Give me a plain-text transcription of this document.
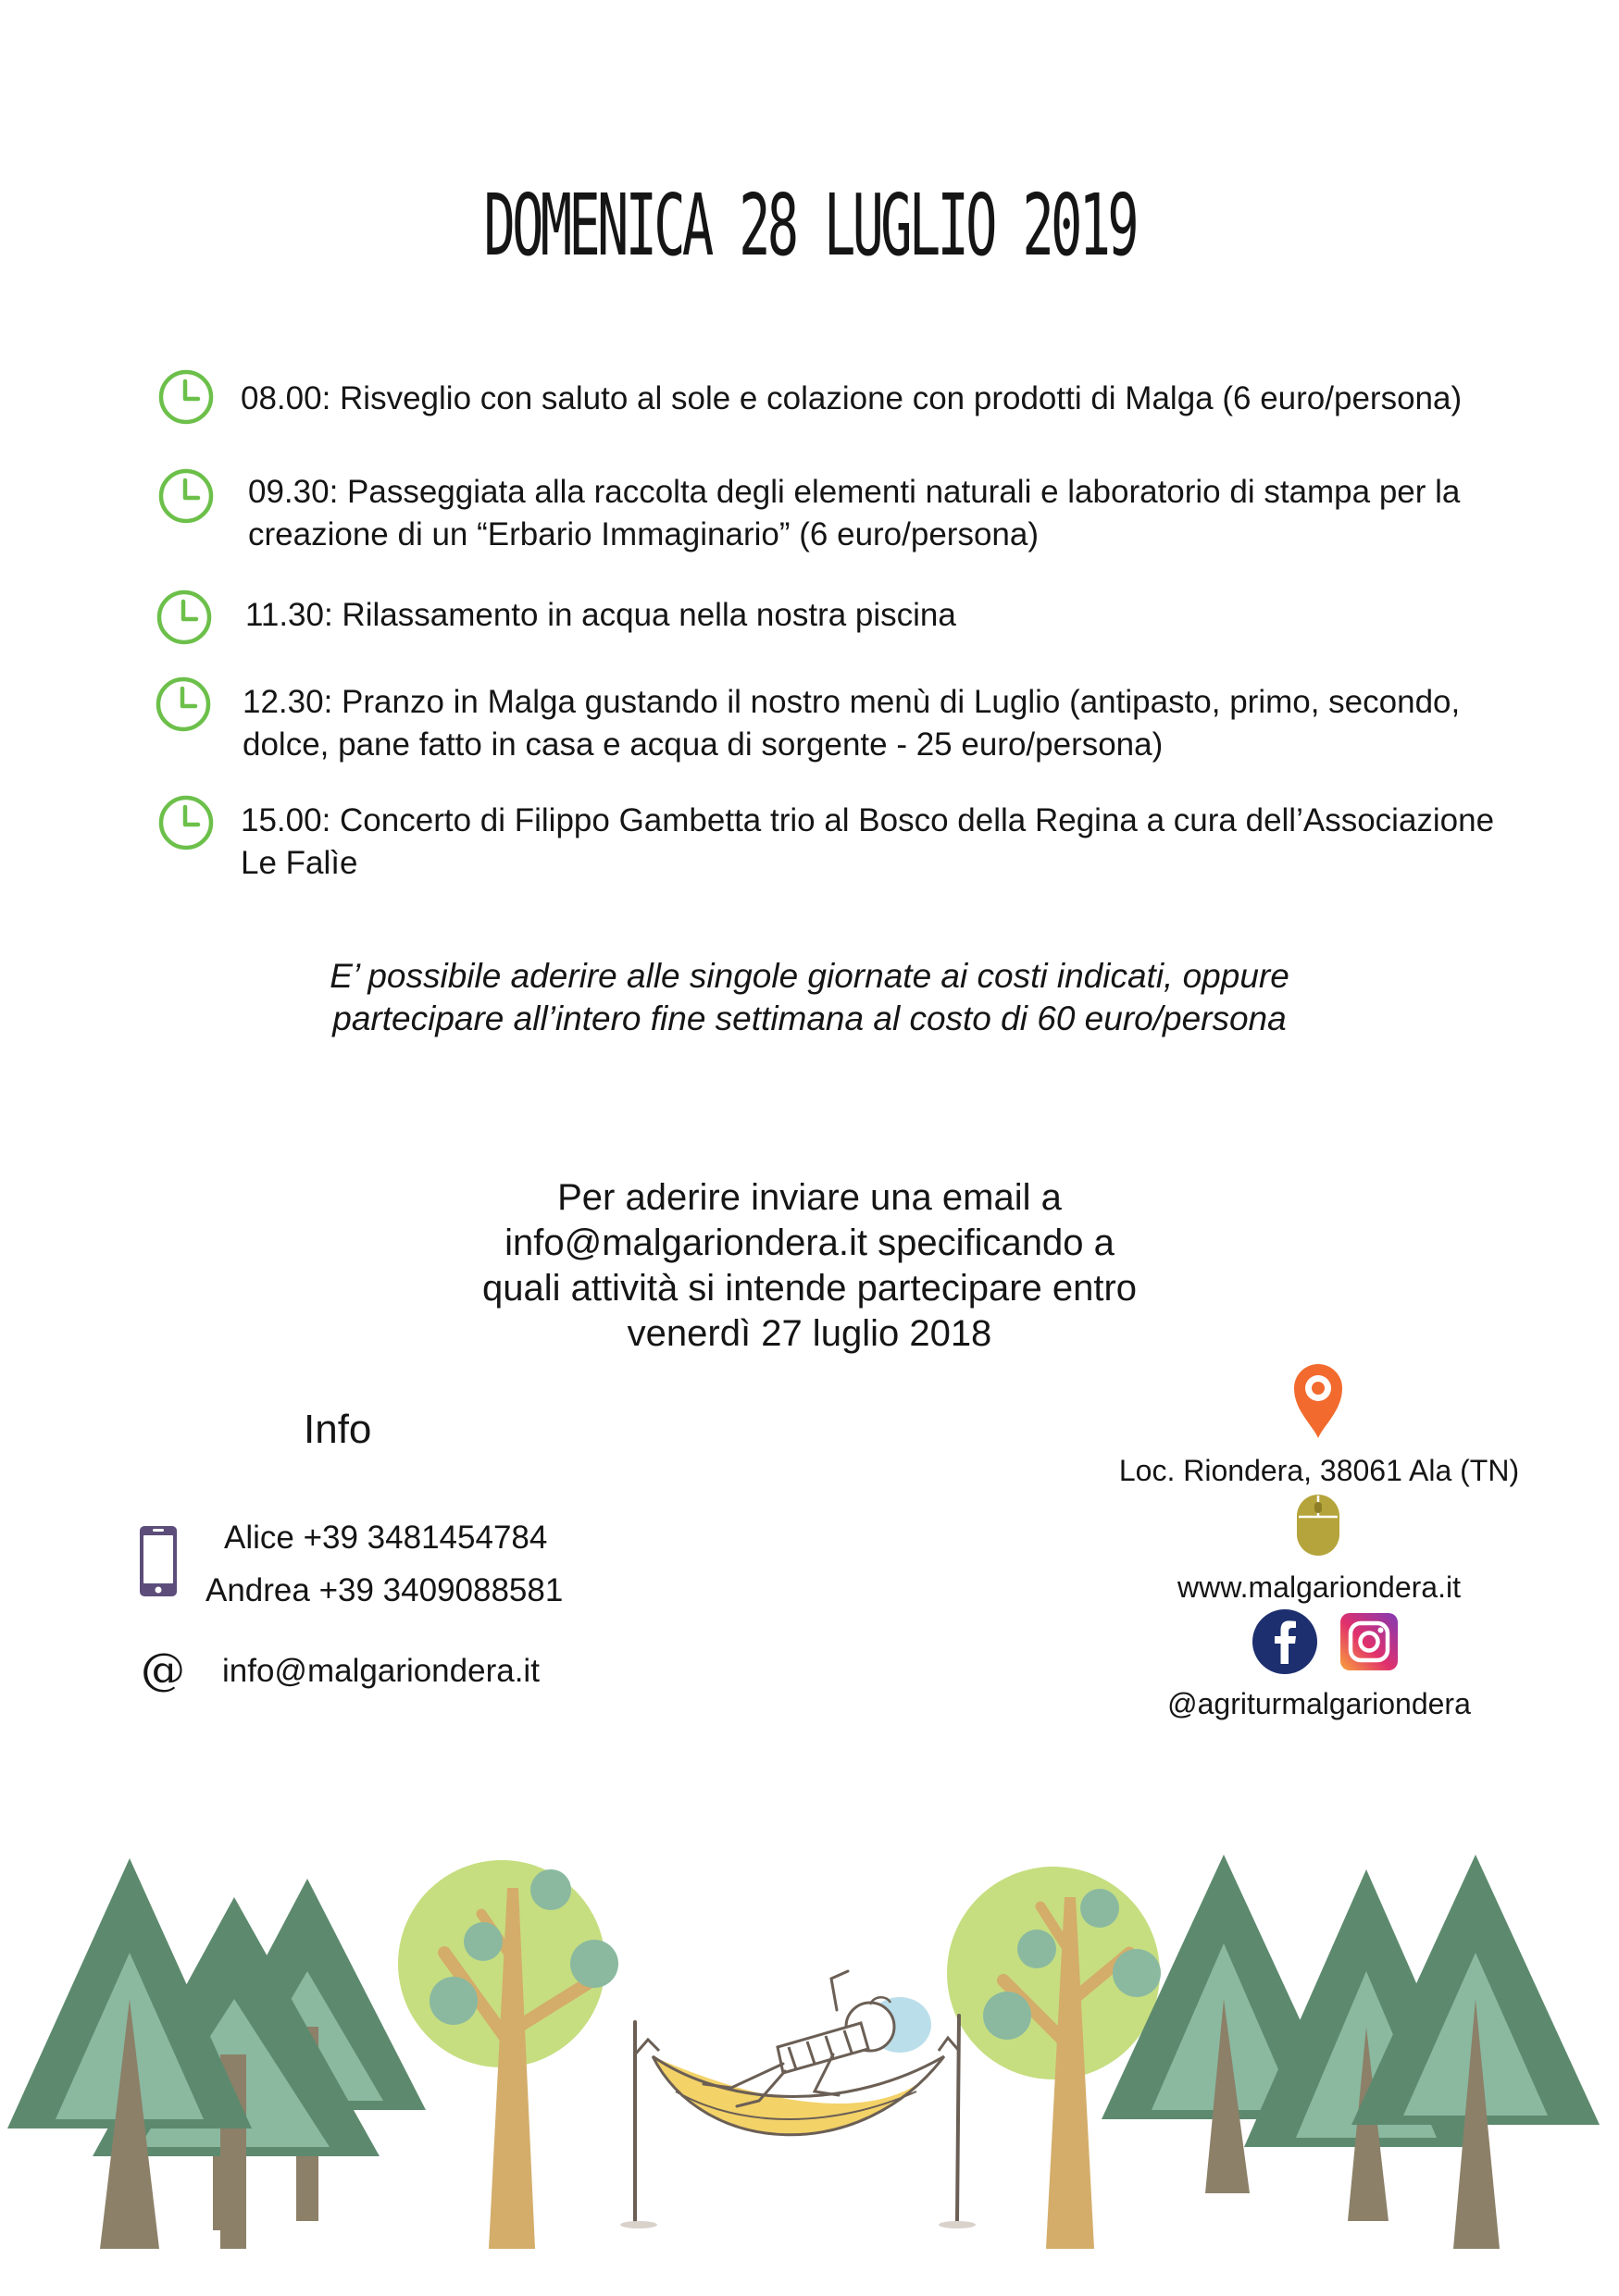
DOMENICA 28 LUGLIO 2019
08.00: Risveglio con saluto al sole e colazione con prodotti di Malga (6 euro/persona)
09.30: Passeggiata alla raccolta degli elementi naturali e laboratorio di stampa per la
creazione di un “Erbario Immaginario” (6 euro/persona)
11.30: Rilassamento in acqua nella nostra piscina
12.30: Pranzo in Malga gustando il nostro menù di Luglio (antipasto, primo, secondo,
dolce, pane fatto in casa e acqua di sorgente - 25 euro/persona)
15.00: Concerto di Filippo Gambetta trio al Bosco della Regina a cura dell’Associazione
Le Falìe
E’ possibile aderire alle singole giornate ai costi indicati, oppure
partecipare all’intero fine settimana al costo di 60 euro/persona
Per aderire inviare una email a
info@malgariondera.it specificando a
quali attività si intende partecipare entro
venerdì 27 luglio 2018
Info
Alice +39 3481454784
Andrea +39 3409088581
@ info@malgariondera.it
Loc. Riondera, 38061 Ala (TN)
www.malgariondera.it
@agriturmalgariondera
